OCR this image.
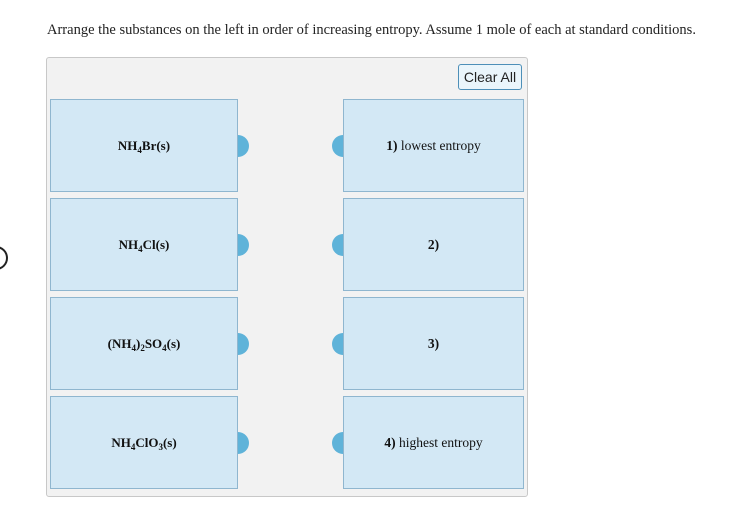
Arrange the substances on the left in order of increasing entropy. Assume 1 mole of each at standard conditions.
Clear All
$NH_4Br(s)$
$NH_4Cl(s)$
$(NH_4)_2SO_4(s)$
$NH_4ClO_3(s)$
1) lowest entropy
2)
3)
4) highest entropy
